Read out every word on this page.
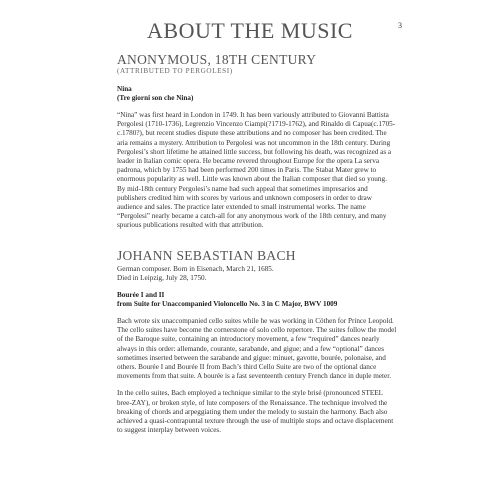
ABOUT THE MUSIC	3

ANONYMOUS, 18TH CENTURY

(ATTRIBUTED TO PERGOLESI)

Nina
(Tre giorni son che Nina)

“Nina” was first heard in London in 1749. It has been variously attributed to Giovanni Battista Pergolesi (1710-1736), Legrenzio Vincenzo Ciampi(?1719-1762), and Rinaldo di Capua(c.1705-c.1780?), but recent studies dispute these attributions and no composer has been credited. The aria remains a mystery. Attribution to Pergolesi was not uncommon in the 18th century. During Pergolesi’s short lifetime he attained little success, but following his death, was recognized as a leader in Italian comic opera. He became revered throughout Europe for the opera La serva padrona, which by 1755 had been performed 200 times in Paris. The Stabat Mater grew to enormous popularity as well. Little was known about the Italian composer that died so young. By mid-18th century Pergolesi’s name had such appeal that sometimes impresarios and publishers credited him with scores by various and unknown composers in order to draw audience and sales. The practice later extended to small instrumental works. The name “Pergolesi” nearly became a catch-all for any anonymous work of the 18th century, and many spurious publications resulted with that attribution.

JOHANN SEBASTIAN BACH

German composer. Born in Eisenach, March 21, 1685.
Died in Leipzig, July 28, 1750.
Bourée I and II
from Suite for Unaccompanied Violoncello No. 3 in C Major, BWV 1009

Bach wrote six unaccompanied cello suites while he was working in Cöthen for Prince Leopold. The cello suites have become the cornerstone of solo cello repertore. The suites follow the model of the Baroque suite, containing an introductory movement, a few “required” dances nearly always in this order: allemande, courante, sarabande, and gigue; and a few “optional” dances sometimes inserted between the sarabande and gigue: minuet, gavotte, bourée, polonaise, and others. Bourée I and Bourée II from Bach’s third Cello Suite are two of the optional dance movements from that suite. A bourée is a fast seventeenth century French dance in duple meter.

In the cello suites, Bach employed a technique similar to the style brisé (pronounced STEEL bree-ZAY), or broken style, of lute composers of the Renaissance. The technique involved the breaking of chords and arpeggiating them under the melody to sustain the harmony. Bach also achieved a quasi-contrapuntal texture through the use of multiple stops and octave displacement to suggest interplay between voices.
